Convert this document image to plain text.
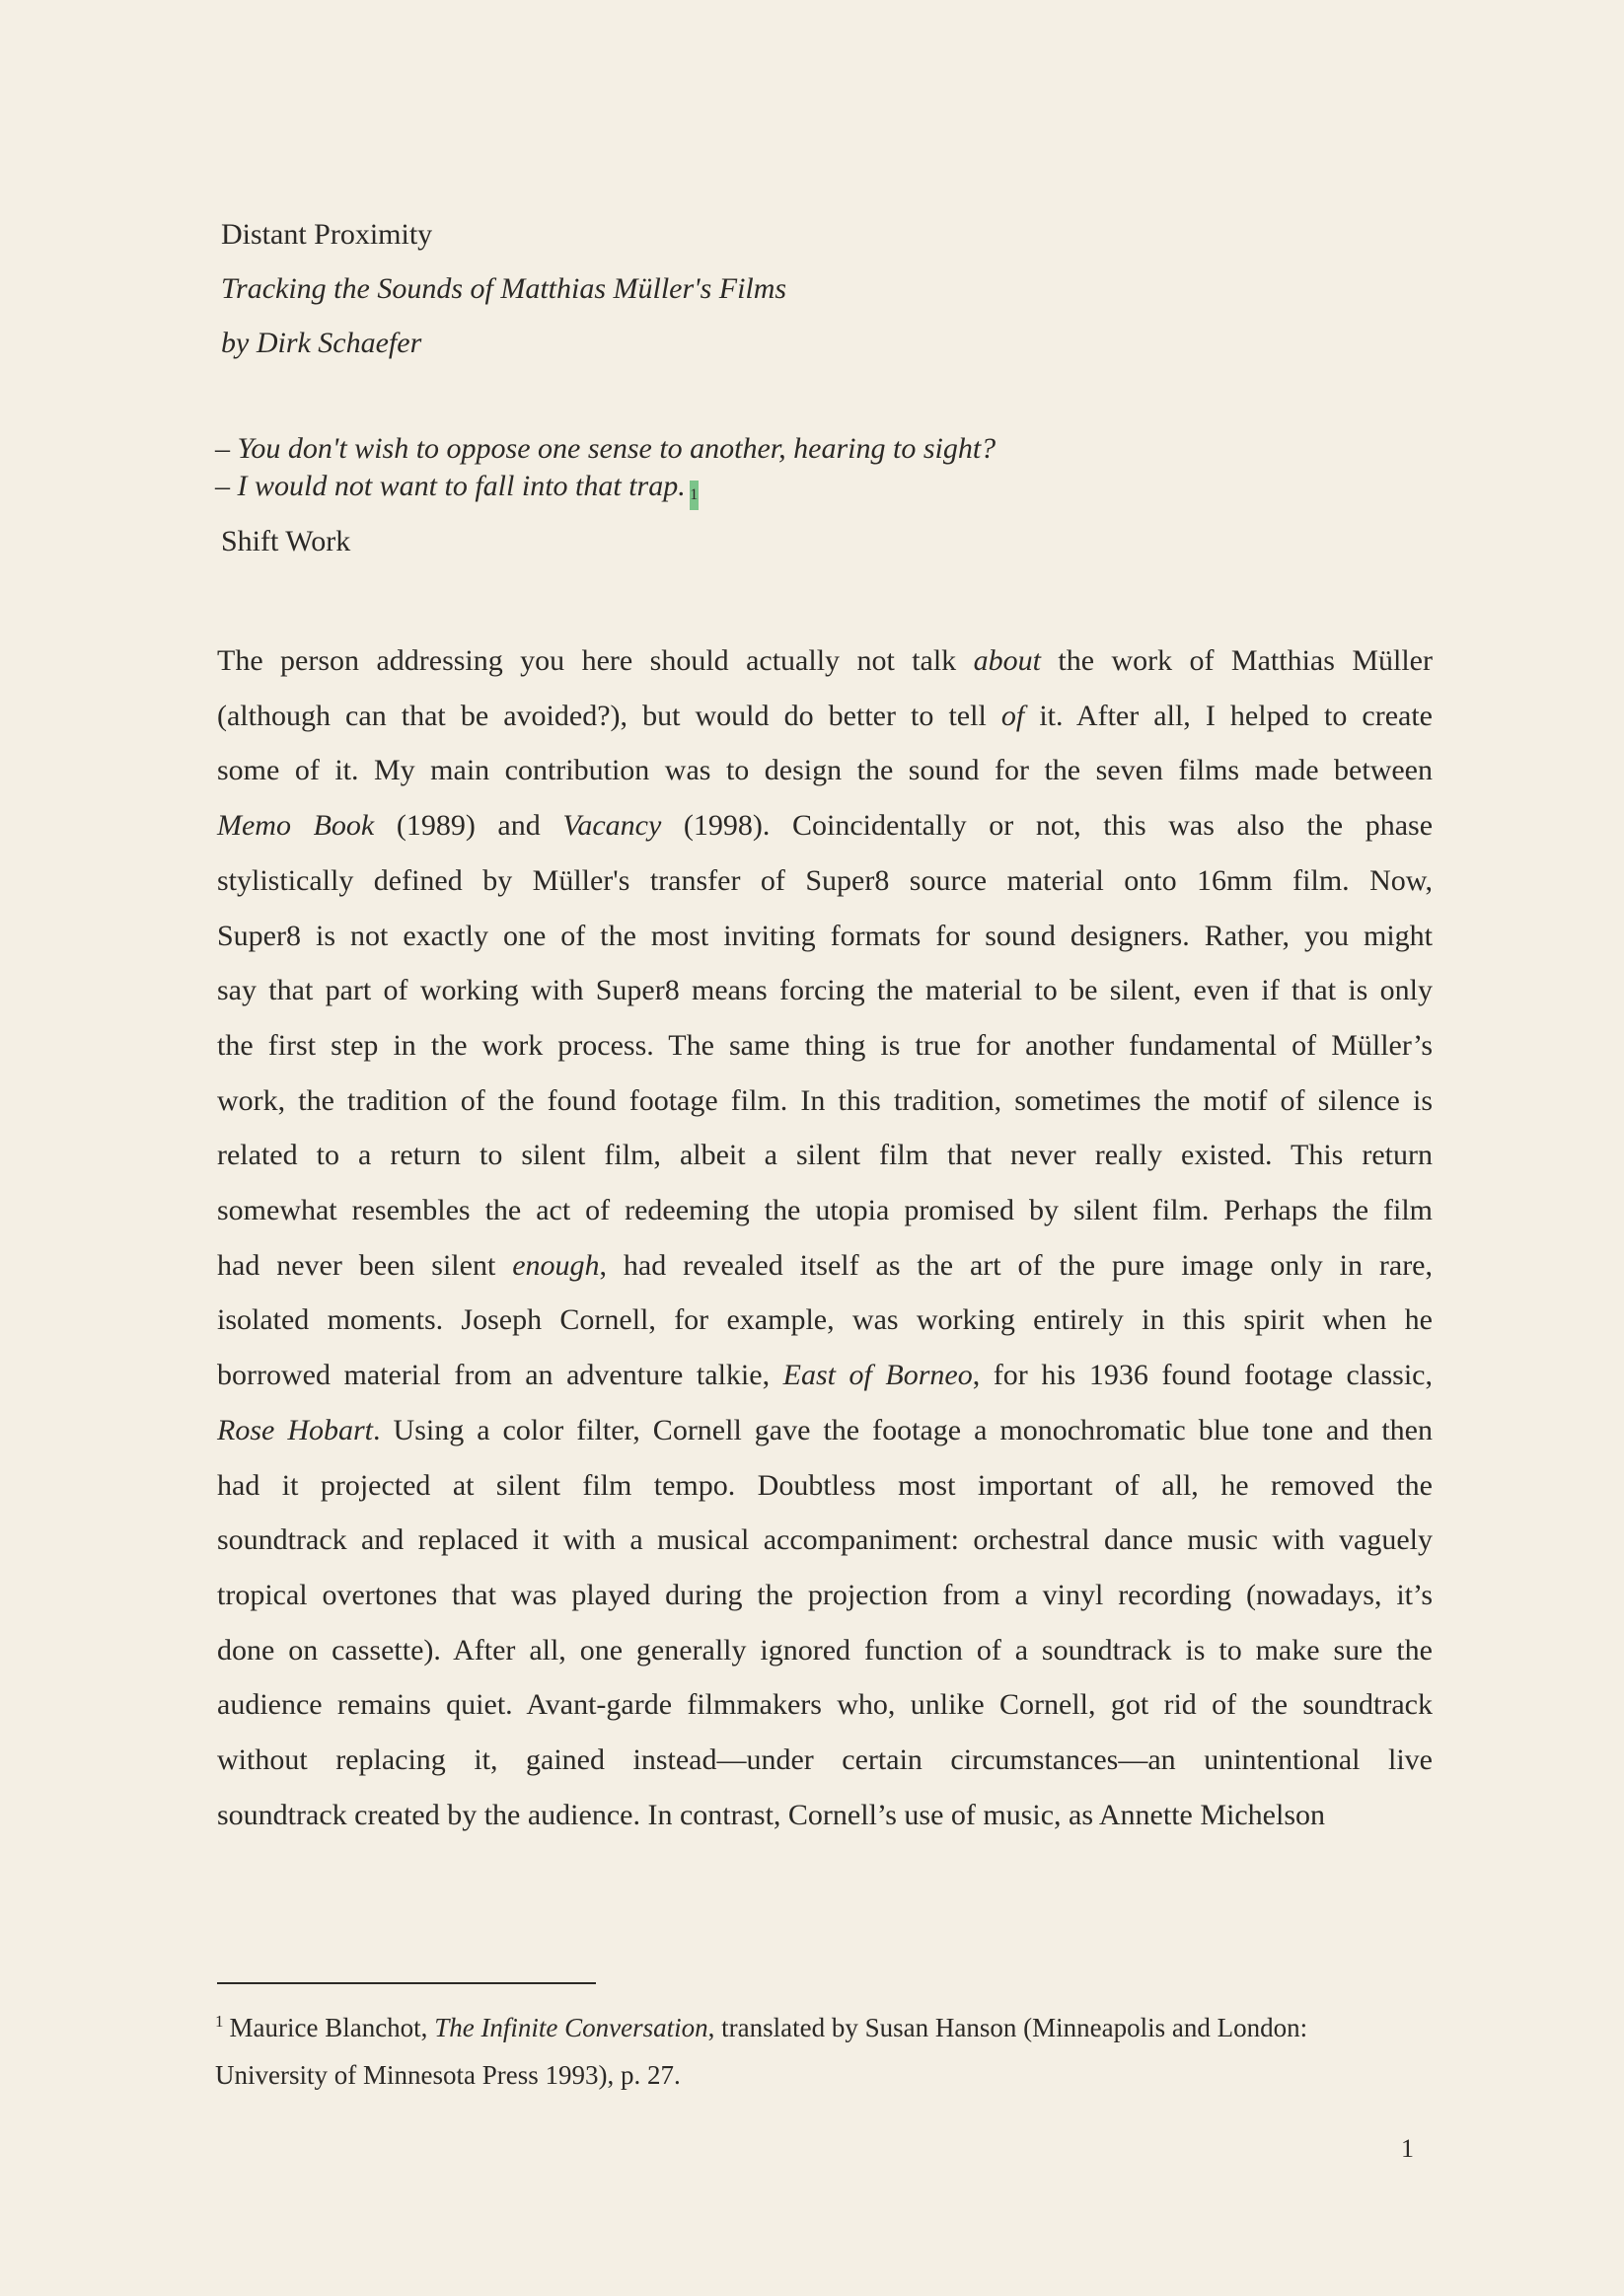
Distant Proximity
Tracking the Sounds of Matthias Müller's Films
by Dirk Schaefer
– You don't wish to oppose one sense to another, hearing to sight?
– I would not want to fall into that trap. 1
Shift Work
The person addressing you here should actually not talk about the work of Matthias Müller
(although can that be avoided?), but would do better to tell of it. After all, I helped to create
some of it. My main contribution was to design the sound for the seven films made between
Memo Book (1989) and Vacancy (1998). Coincidentally or not, this was also the phase
stylistically defined by Müller's transfer of Super8 source material onto 16mm film. Now,
Super8 is not exactly one of the most inviting formats for sound designers. Rather, you might
say that part of working with Super8 means forcing the material to be silent, even if that is only
the first step in the work process. The same thing is true for another fundamental of Müller’s
work, the tradition of the found footage film. In this tradition, sometimes the motif of silence is
related to a return to silent film, albeit a silent film that never really existed. This return
somewhat resembles the act of redeeming the utopia promised by silent film. Perhaps the film
had never been silent enough, had revealed itself as the art of the pure image only in rare,
isolated moments. Joseph Cornell, for example, was working entirely in this spirit when he
borrowed material from an adventure talkie, East of Borneo, for his 1936 found footage classic,
Rose Hobart. Using a color filter, Cornell gave the footage a monochromatic blue tone and then
had it projected at silent film tempo. Doubtless most important of all, he removed the
soundtrack and replaced it with a musical accompaniment: orchestral dance music with vaguely
tropical overtones that was played during the projection from a vinyl recording (nowadays, it’s
done on cassette). After all, one generally ignored function of a soundtrack is to make sure the
audience remains quiet. Avant-garde filmmakers who, unlike Cornell, got rid of the soundtrack
without replacing it, gained instead—under certain circumstances—an unintentional live
soundtrack created by the audience. In contrast, Cornell’s use of music, as Annette Michelson
$^1$ Maurice Blanchot, The Infinite Conversation, translated by Susan Hanson (Minneapolis and London:
University of Minnesota Press 1993), p. 27.
1
